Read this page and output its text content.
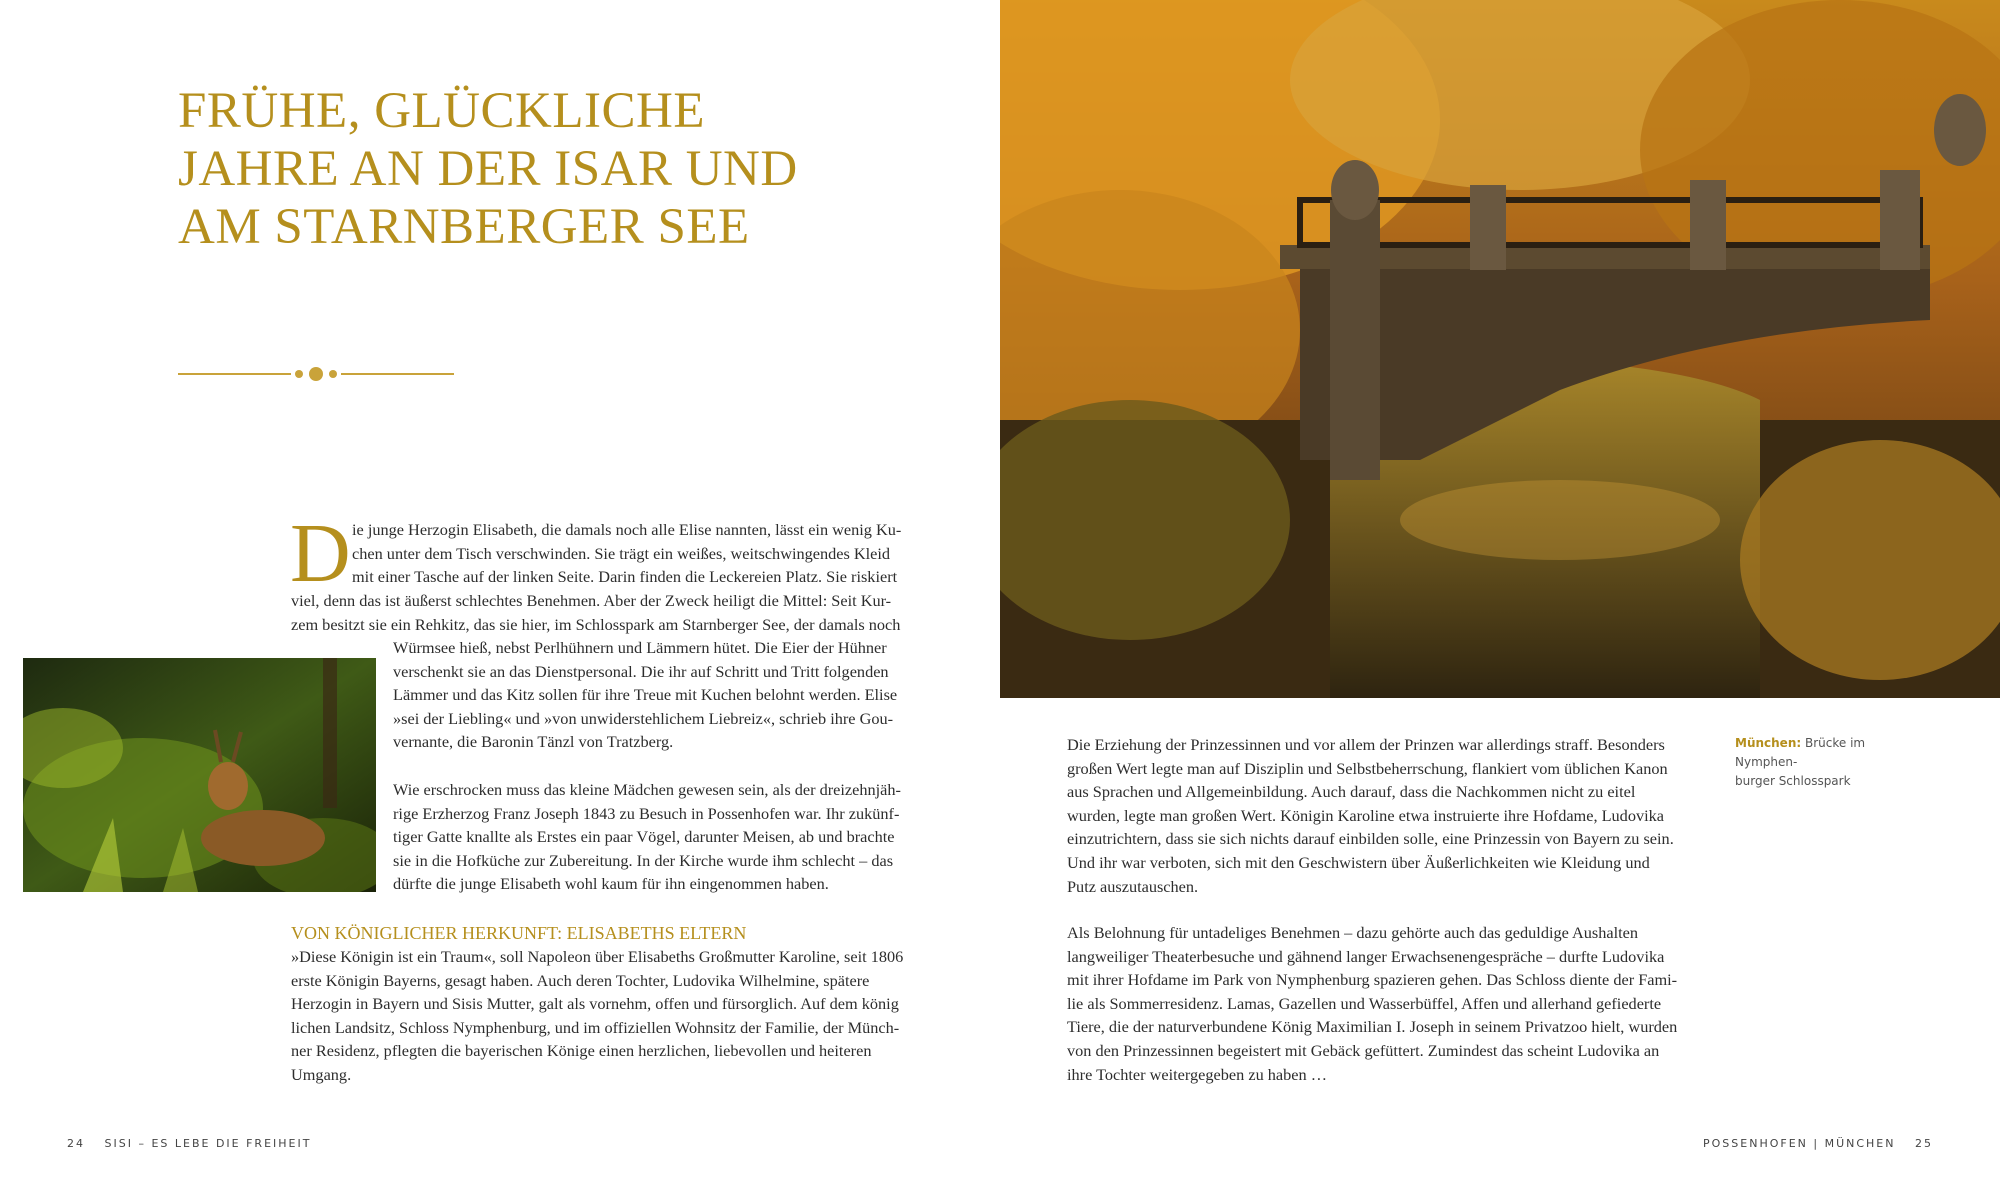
FRÜHE, GLÜCKLICHE
JAHRE AN DER ISAR UND
AM STARNBERGER SEE
D ie junge Herzogin Elisabeth, die damals noch alle Elise nannten, lässt ein wenig Ku-

chen unter dem Tisch verschwinden. Sie trägt ein weißes, weitschwingendes Kleid

mit einer Tasche auf der linken Seite. Darin finden die Leckereien Platz. Sie riskiert

viel, denn das ist äußerst schlechtes Benehmen. Aber der Zweck heiligt die Mittel: Seit Kur-

zem besitzt sie ein Rehkitz, das sie hier, im Schlosspark am Starnberger See, der damals noch

Würmsee hieß, nebst Perlhühnern und Lämmern hütet. Die Eier der Hühner

verschenkt sie an das Dienstpersonal. Die ihr auf Schritt und Tritt folgenden

Lämmer und das Kitz sollen für ihre Treue mit Kuchen belohnt werden. Elise

»sei der Liebling« und »von unwiderstehlichem Liebreiz«, schrieb ihre Gou-

vernante, die Baronin Tänzl von Tratzberg.

Wie erschrocken muss das kleine Mädchen gewesen sein, als der dreizehnjäh-

rige Erzherzog Franz Joseph 1843 zu Besuch in Possenhofen war. Ihr zukünf-

tiger Gatte knallte als Erstes ein paar Vögel, darunter Meisen, ab und brachte

sie in die Hofküche zur Zubereitung. In der Kirche wurde ihm schlecht – das

dürfte die junge Elisabeth wohl kaum für ihn eingenommen haben.

VON KÖNIGLICHER HERKUNFT: ELISABETHS ELTERN

»Diese Königin ist ein Traum«, soll Napoleon über Elisabeths Großmutter Karoline, seit 1806

erste Königin Bayerns, gesagt haben. Auch deren Tochter, Ludovika Wilhelmine, spätere

Herzogin in Bayern und Sisis Mutter, galt als vornehm, offen und fürsorglich. Auf dem könig

lichen Landsitz, Schloss Nymphenburg, und im offiziellen Wohnsitz der Familie, der Münch-

ner Residenz, pflegten die bayerischen Könige einen herzlichen, liebevollen und heiteren

Umgang.

Die Erziehung der Prinzessinnen und vor allem der Prinzen war allerdings straff. Besonders

großen Wert legte man auf Disziplin und Selbstbeherrschung, flankiert vom üblichen Kanon

aus Sprachen und Allgemeinbildung. Auch darauf, dass die Nachkommen nicht zu eitel

wurden, legte man großen Wert. Königin Karoline etwa instruierte ihre Hofdame, Ludovika

einzutrichtern, dass sie sich nichts darauf einbilden solle, eine Prinzessin von Bayern zu sein.

Und ihr war verboten, sich mit den Geschwistern über Äußerlichkeiten wie Kleidung und

Putz auszutauschen.

Als Belohnung für untadeliges Benehmen – dazu gehörte auch das geduldige Aushalten

langweiliger Theaterbesuche und gähnend langer Erwachsenengespräche – durfte Ludovika

mit ihrer Hofdame im Park von Nymphenburg spazieren gehen. Das Schloss diente der Fami-

lie als Sommerresidenz. Lamas, Gazellen und Wasserbüffel, Affen und allerhand gefiederte

Tiere, die der naturverbundene König Maximilian I. Joseph in seinem Privatzoo hielt, wurden

von den Prinzessinnen begeistert mit Gebäck gefüttert. Zumindest das scheint Ludovika an

ihre Tochter weitergegeben zu haben …

München: Brücke im Nymphen-
burger Schlosspark
24 SISI – ES LEBE DIE FREIHEIT	POSSENHOFEN | MÜNCHEN 25
